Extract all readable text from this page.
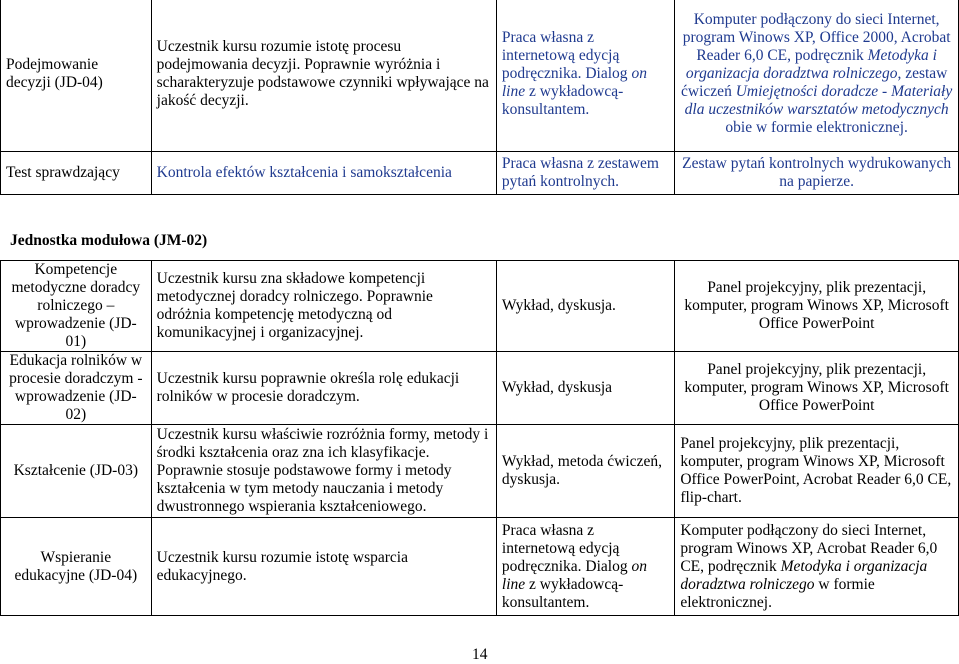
Podejmowanie decyzji (JD-04)	Uczestnik kursu rozumie istotę procesu podejmowania decyzji. Poprawnie wyróżnia i scharakteryzuje podstawowe czynniki wpływające na jakość decyzji.	Praca własna z internetową edycją podręcznika. Dialog on line z wykładowcą-konsultantem.	Komputer podłączony do sieci Internet, program Winows XP, Office 2000, Acrobat Reader 6,0 CE, podręcznik Metodyka i organizacja doradztwa rolniczego, zestaw ćwiczeń Umiejętności doradcze - Materiały dla uczestników warsztatów metodycznych obie w formie elektronicznej.
Test sprawdzający	Kontrola efektów kształcenia i samokształcenia	Praca własna z zestawem pytań kontrolnych.	Zestaw pytań kontrolnych wydrukowanych na papierze.
Jednostka modułowa (JM-02)
Kompetencje metodyczne doradcy rolniczego – wprowadzenie (JD-01)	Uczestnik kursu zna składowe kompetencji metodycznej doradcy rolniczego. Poprawnie odróżnia kompetencję metodyczną od komunikacyjnej i organizacyjnej.	Wykład, dyskusja.	Panel projekcyjny, plik prezentacji, komputer, program Winows XP, Microsoft Office PowerPoint
Edukacja rolników w procesie doradczym - wprowadzenie (JD-02)	Uczestnik kursu poprawnie określa rolę edukacji rolników w procesie doradczym.	Wykład, dyskusja	Panel projekcyjny, plik prezentacji, komputer, program Winows XP, Microsoft Office PowerPoint
Kształcenie (JD-03)	Uczestnik kursu właściwie rozróżnia formy, metody i środki kształcenia oraz zna ich klasyfikacje. Poprawnie stosuje podstawowe formy i metody kształcenia w tym metody nauczania i metody dwustronnego wspierania kształceniowego.	Wykład, metoda ćwiczeń, dyskusja.	Panel projekcyjny, plik prezentacji, komputer, program Winows XP, Microsoft Office PowerPoint, Acrobat Reader 6,0 CE, flip-chart.
Wspieranie edukacyjne (JD-04)	Uczestnik kursu rozumie istotę wsparcia edukacyjnego.	Praca własna z internetową edycją podręcznika. Dialog on line z wykładowcą-konsultantem.	Komputer podłączony do sieci Internet, program Winows XP, Acrobat Reader 6,0 CE, podręcznik Metodyka i organizacja doradztwa rolniczego w formie elektronicznej.
14
